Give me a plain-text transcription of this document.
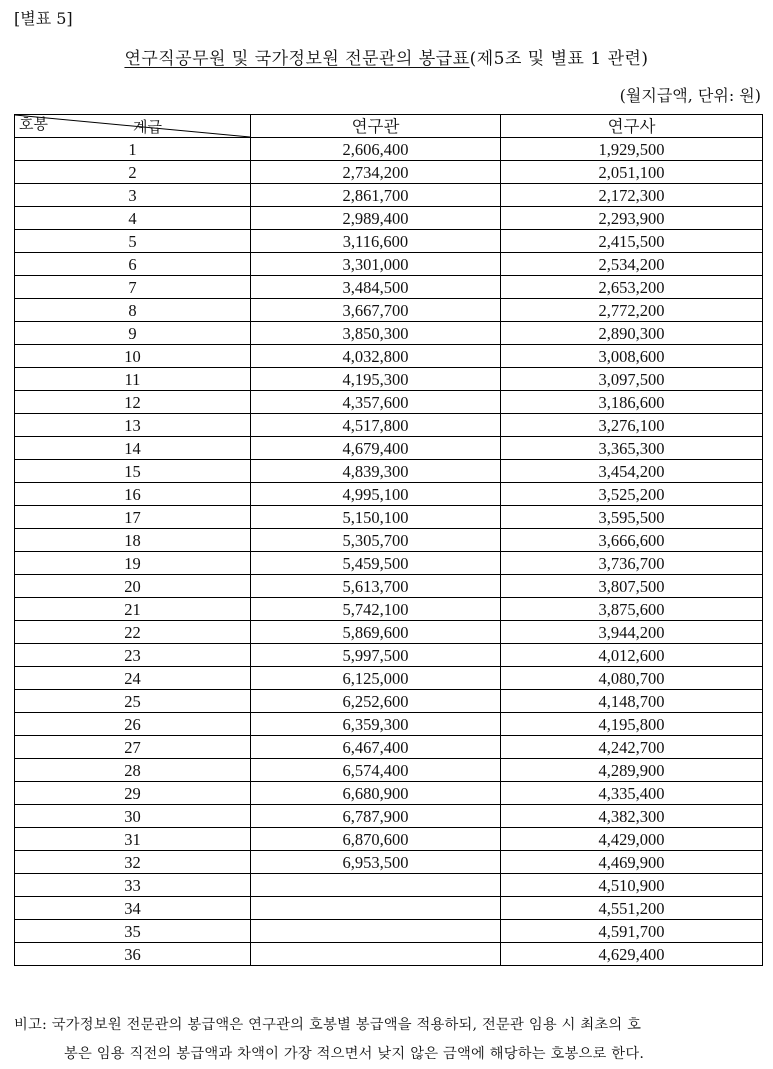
[별표 5]
연구직공무원 및 국가정보원 전문관의 봉급표(제5조 및 별표 1 관련)
(월지급액, 단위: 원)
계급
호봉	연구관	연구사
1	2,606,400	1,929,500
2	2,734,200	2,051,100
3	2,861,700	2,172,300
4	2,989,400	2,293,900
5	3,116,600	2,415,500
6	3,301,000	2,534,200
7	3,484,500	2,653,200
8	3,667,700	2,772,200
9	3,850,300	2,890,300
10	4,032,800	3,008,600
11	4,195,300	3,097,500
12	4,357,600	3,186,600
13	4,517,800	3,276,100
14	4,679,400	3,365,300
15	4,839,300	3,454,200
16	4,995,100	3,525,200
17	5,150,100	3,595,500
18	5,305,700	3,666,600
19	5,459,500	3,736,700
20	5,613,700	3,807,500
21	5,742,100	3,875,600
22	5,869,600	3,944,200
23	5,997,500	4,012,600
24	6,125,000	4,080,700
25	6,252,600	4,148,700
26	6,359,300	4,195,800
27	6,467,400	4,242,700
28	6,574,400	4,289,900
29	6,680,900	4,335,400
30	6,787,900	4,382,300
31	6,870,600	4,429,000
32	6,953,500	4,469,900
33		4,510,900
34		4,551,200
35		4,591,700
36		4,629,400
비고: 국가정보원 전문관의 봉급액은 연구관의 호봉별 봉급액을 적용하되, 전문관 임용 시 최초의 호
봉은 임용 직전의 봉급액과 차액이 가장 적으면서 낮지 않은 금액에 해당하는 호봉으로 한다.
